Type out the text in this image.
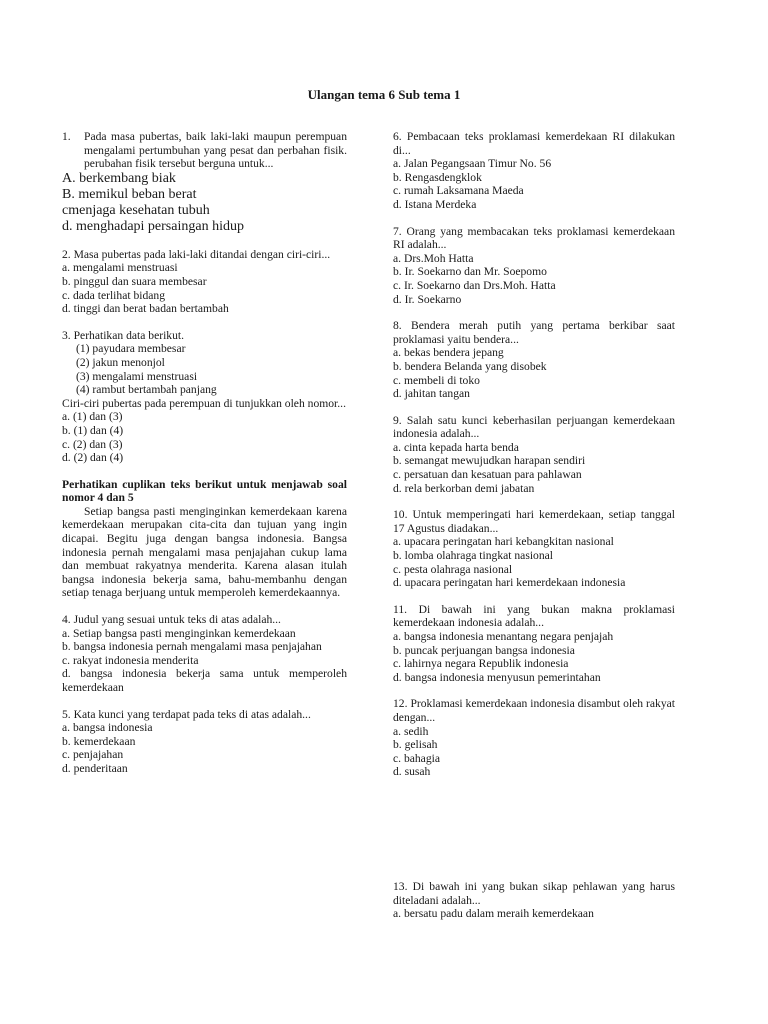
Ulangan tema 6 Sub tema 1
1.	Pada masa pubertas, baik laki-laki maupun perempuan mengalami pertumbuhan yang pesat dan perbahan fisik. perubahan fisik tersebut berguna untuk...
A. berkembang biak
B. memikul beban berat
cmenjaga kesehatan tubuh
d. menghadapi persaingan hidup
2. Masa pubertas pada laki-laki ditandai dengan ciri-ciri...
a. mengalami menstruasi
b. pinggul dan suara membesar
c. dada terlihat bidang
d. tinggi dan berat badan bertambah
3. Perhatikan data berikut.
(1) payudara membesar
(2) jakun menonjol
(3) mengalami menstruasi
(4) rambut bertambah panjang
Ciri-ciri pubertas pada perempuan di tunjukkan oleh nomor...
a. (1) dan (3)
b. (1) dan (4)
c. (2) dan (3)
d. (2) dan (4)
Perhatikan cuplikan teks berikut untuk menjawab soal nomor 4 dan 5
Setiap bangsa pasti menginginkan kemerdekaan karena kemerdekaan merupakan cita-cita dan tujuan yang ingin dicapai. Begitu juga dengan bangsa indonesia. Bangsa indonesia pernah mengalami masa penjajahan cukup lama dan membuat rakyatnya menderita. Karena alasan itulah bangsa indonesia bekerja sama, bahu-membanhu dengan setiap tenaga berjuang untuk memperoleh kemerdekaannya.
4. Judul yang sesuai untuk teks di atas adalah...
a. Setiap bangsa pasti menginginkan kemerdekaan
b. bangsa indonesia pernah mengalami masa penjajahan
c. rakyat indonesia menderita
d. bangsa indonesia bekerja sama untuk memperoleh kemerdekaan
5. Kata kunci yang terdapat pada teks di atas adalah...
a. bangsa indonesia
b. kemerdekaan
c. penjajahan
d. penderitaan
6. Pembacaan teks proklamasi kemerdekaan RI dilakukan di...
a. Jalan Pegangsaan Timur No. 56
b. Rengasdengklok
c. rumah Laksamana Maeda
d. Istana Merdeka
7. Orang yang membacakan teks proklamasi kemerdekaan RI adalah...
a. Drs.Moh Hatta
b. Ir. Soekarno dan Mr. Soepomo
c. Ir. Soekarno dan Drs.Moh. Hatta
d. Ir. Soekarno
8. Bendera merah putih yang pertama berkibar saat proklamasi yaitu bendera...
a. bekas bendera jepang
b. bendera Belanda yang disobek
c. membeli di toko
d. jahitan tangan
9. Salah satu kunci keberhasilan perjuangan kemerdekaan indonesia adalah...
a. cinta kepada harta benda
b. semangat mewujudkan harapan sendiri
c. persatuan dan kesatuan para pahlawan
d. rela berkorban demi jabatan
10. Untuk memperingati hari kemerdekaan, setiap tanggal 17 Agustus diadakan...
a. upacara peringatan hari kebangkitan nasional
b. lomba olahraga tingkat nasional
c. pesta olahraga nasional
d. upacara peringatan hari kemerdekaan indonesia
11. Di bawah ini yang bukan makna proklamasi kemerdekaan indonesia adalah...
a. bangsa indonesia menantang negara penjajah
b. puncak perjuangan bangsa indonesia
c. lahirnya negara Republik indonesia
d. bangsa indonesia menyusun pemerintahan
12. Proklamasi kemerdekaan indonesia disambut oleh rakyat dengan...
a. sedih
b. gelisah
c. bahagia
d. susah
13. Di bawah ini yang bukan sikap pehlawan yang harus diteladani adalah...
a. bersatu padu dalam meraih kemerdekaan
